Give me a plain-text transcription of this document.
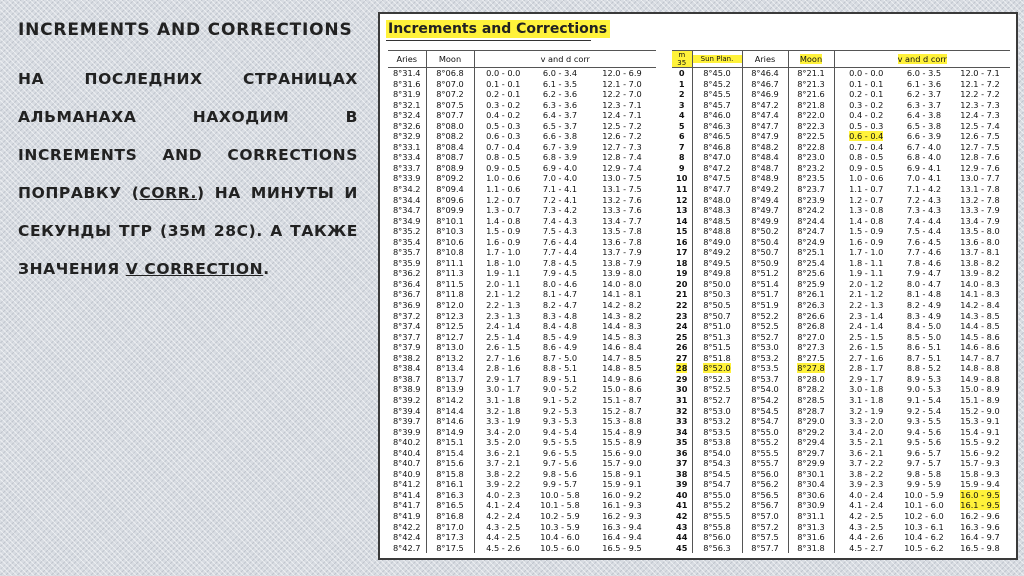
INCREMENTS AND CORRECTIONS

НА ПОСЛЕДНИХ СТРАНИЦАХ АЛЬМАНАХА НАХОДИМ В INCREMENTS AND CORRECTIONS ПОПРАВКУ (CORR.) НА МИНУТЫ И СЕКУНДЫ ТГР (35М 28С). А ТАКЖЕ ЗНАЧЕНИЯ V CORRECTION.

Increments and Corrections
Aries	Moon	v and d corr		
8°31.4	8°06.8	0.0 - 0.0	6.0 - 3.4	12.0 - 6.9
8°31.6	8°07.0	0.1 - 0.1	6.1 - 3.5	12.1 - 7.0
8°31.9	8°07.2	0.2 - 0.1	6.2 - 3.6	12.2 - 7.0
8°32.1	8°07.5	0.3 - 0.2	6.3 - 3.6	12.3 - 7.1
8°32.4	8°07.7	0.4 - 0.2	6.4 - 3.7	12.4 - 7.1
8°32.6	8°08.0	0.5 - 0.3	6.5 - 3.7	12.5 - 7.2
8°32.9	8°08.2	0.6 - 0.3	6.6 - 3.8	12.6 - 7.2
8°33.1	8°08.4	0.7 - 0.4	6.7 - 3.9	12.7 - 7.3
8°33.4	8°08.7	0.8 - 0.5	6.8 - 3.9	12.8 - 7.4
8°33.7	8°08.9	0.9 - 0.5	6.9 - 4.0	12.9 - 7.4
8°33.9	8°09.2	1.0 - 0.6	7.0 - 4.0	13.0 - 7.5
8°34.2	8°09.4	1.1 - 0.6	7.1 - 4.1	13.1 - 7.5
8°34.4	8°09.6	1.2 - 0.7	7.2 - 4.1	13.2 - 7.6
8°34.7	8°09.9	1.3 - 0.7	7.3 - 4.2	13.3 - 7.6
8°34.9	8°10.1	1.4 - 0.8	7.4 - 4.3	13.4 - 7.7
8°35.2	8°10.3	1.5 - 0.9	7.5 - 4.3	13.5 - 7.8
8°35.4	8°10.6	1.6 - 0.9	7.6 - 4.4	13.6 - 7.8
8°35.7	8°10.8	1.7 - 1.0	7.7 - 4.4	13.7 - 7.9
8°35.9	8°11.1	1.8 - 1.0	7.8 - 4.5	13.8 - 7.9
8°36.2	8°11.3	1.9 - 1.1	7.9 - 4.5	13.9 - 8.0
8°36.4	8°11.5	2.0 - 1.1	8.0 - 4.6	14.0 - 8.0
8°36.7	8°11.8	2.1 - 1.2	8.1 - 4.7	14.1 - 8.1
8°36.9	8°12.0	2.2 - 1.3	8.2 - 4.7	14.2 - 8.2
8°37.2	8°12.3	2.3 - 1.3	8.3 - 4.8	14.3 - 8.2
8°37.4	8°12.5	2.4 - 1.4	8.4 - 4.8	14.4 - 8.3
8°37.7	8°12.7	2.5 - 1.4	8.5 - 4.9	14.5 - 8.3
8°37.9	8°13.0	2.6 - 1.5	8.6 - 4.9	14.6 - 8.4
8°38.2	8°13.2	2.7 - 1.6	8.7 - 5.0	14.7 - 8.5
8°38.4	8°13.4	2.8 - 1.6	8.8 - 5.1	14.8 - 8.5
8°38.7	8°13.7	2.9 - 1.7	8.9 - 5.1	14.9 - 8.6
8°38.9	8°13.9	3.0 - 1.7	9.0 - 5.2	15.0 - 8.6
8°39.2	8°14.2	3.1 - 1.8	9.1 - 5.2	15.1 - 8.7
8°39.4	8°14.4	3.2 - 1.8	9.2 - 5.3	15.2 - 8.7
8°39.7	8°14.6	3.3 - 1.9	9.3 - 5.3	15.3 - 8.8
8°39.9	8°14.9	3.4 - 2.0	9.4 - 5.4	15.4 - 8.9
8°40.2	8°15.1	3.5 - 2.0	9.5 - 5.5	15.5 - 8.9
8°40.4	8°15.4	3.6 - 2.1	9.6 - 5.5	15.6 - 9.0
8°40.7	8°15.6	3.7 - 2.1	9.7 - 5.6	15.7 - 9.0
8°40.9	8°15.8	3.8 - 2.2	9.8 - 5.6	15.8 - 9.1
8°41.2	8°16.1	3.9 - 2.2	9.9 - 5.7	15.9 - 9.1
8°41.4	8°16.3	4.0 - 2.3	10.0 - 5.8	16.0 - 9.2
8°41.7	8°16.5	4.1 - 2.4	10.1 - 5.8	16.1 - 9.3
8°41.9	8°16.8	4.2 - 2.4	10.2 - 5.9	16.2 - 9.3
8°42.2	8°17.0	4.3 - 2.5	10.3 - 5.9	16.3 - 9.4
8°42.4	8°17.3	4.4 - 2.5	10.4 - 6.0	16.4 - 9.4
8°42.7	8°17.5	4.5 - 2.6	10.5 - 6.0	16.5 - 9.5
m
35	Sun Plan.	Aries	Moon	v and d corr		
0	8°45.0	8°46.4	8°21.1	0.0 - 0.0	6.0 - 3.5	12.0 - 7.1
1	8°45.2	8°46.7	8°21.3	0.1 - 0.1	6.1 - 3.6	12.1 - 7.2
2	8°45.5	8°46.9	8°21.6	0.2 - 0.1	6.2 - 3.7	12.2 - 7.2
3	8°45.7	8°47.2	8°21.8	0.3 - 0.2	6.3 - 3.7	12.3 - 7.3
4	8°46.0	8°47.4	8°22.0	0.4 - 0.2	6.4 - 3.8	12.4 - 7.3
5	8°46.3	8°47.7	8°22.3	0.5 - 0.3	6.5 - 3.8	12.5 - 7.4
6	8°46.5	8°47.9	8°22.5	0.6 - 0.4	6.6 - 3.9	12.6 - 7.5
7	8°46.8	8°48.2	8°22.8	0.7 - 0.4	6.7 - 4.0	12.7 - 7.5
8	8°47.0	8°48.4	8°23.0	0.8 - 0.5	6.8 - 4.0	12.8 - 7.6
9	8°47.2	8°48.7	8°23.2	0.9 - 0.5	6.9 - 4.1	12.9 - 7.6
10	8°47.5	8°48.9	8°23.5	1.0 - 0.6	7.0 - 4.1	13.0 - 7.7
11	8°47.7	8°49.2	8°23.7	1.1 - 0.7	7.1 - 4.2	13.1 - 7.8
12	8°48.0	8°49.4	8°23.9	1.2 - 0.7	7.2 - 4.3	13.2 - 7.8
13	8°48.3	8°49.7	8°24.2	1.3 - 0.8	7.3 - 4.3	13.3 - 7.9
14	8°48.5	8°49.9	8°24.4	1.4 - 0.8	7.4 - 4.4	13.4 - 7.9
15	8°48.8	8°50.2	8°24.7	1.5 - 0.9	7.5 - 4.4	13.5 - 8.0
16	8°49.0	8°50.4	8°24.9	1.6 - 0.9	7.6 - 4.5	13.6 - 8.0
17	8°49.2	8°50.7	8°25.1	1.7 - 1.0	7.7 - 4.6	13.7 - 8.1
18	8°49.5	8°50.9	8°25.4	1.8 - 1.1	7.8 - 4.6	13.8 - 8.2
19	8°49.8	8°51.2	8°25.6	1.9 - 1.1	7.9 - 4.7	13.9 - 8.2
20	8°50.0	8°51.4	8°25.9	2.0 - 1.2	8.0 - 4.7	14.0 - 8.3
21	8°50.3	8°51.7	8°26.1	2.1 - 1.2	8.1 - 4.8	14.1 - 8.3
22	8°50.5	8°51.9	8°26.3	2.2 - 1.3	8.2 - 4.9	14.2 - 8.4
23	8°50.7	8°52.2	8°26.6	2.3 - 1.4	8.3 - 4.9	14.3 - 8.5
24	8°51.0	8°52.5	8°26.8	2.4 - 1.4	8.4 - 5.0	14.4 - 8.5
25	8°51.3	8°52.7	8°27.0	2.5 - 1.5	8.5 - 5.0	14.5 - 8.6
26	8°51.5	8°53.0	8°27.3	2.6 - 1.5	8.6 - 5.1	14.6 - 8.6
27	8°51.8	8°53.2	8°27.5	2.7 - 1.6	8.7 - 5.1	14.7 - 8.7
28	8°52.0	8°53.5	8°27.8	2.8 - 1.7	8.8 - 5.2	14.8 - 8.8
29	8°52.3	8°53.7	8°28.0	2.9 - 1.7	8.9 - 5.3	14.9 - 8.8
30	8°52.5	8°54.0	8°28.2	3.0 - 1.8	9.0 - 5.3	15.0 - 8.9
31	8°52.7	8°54.2	8°28.5	3.1 - 1.8	9.1 - 5.4	15.1 - 8.9
32	8°53.0	8°54.5	8°28.7	3.2 - 1.9	9.2 - 5.4	15.2 - 9.0
33	8°53.2	8°54.7	8°29.0	3.3 - 2.0	9.3 - 5.5	15.3 - 9.1
34	8°53.5	8°55.0	8°29.2	3.4 - 2.0	9.4 - 5.6	15.4 - 9.1
35	8°53.8	8°55.2	8°29.4	3.5 - 2.1	9.5 - 5.6	15.5 - 9.2
36	8°54.0	8°55.5	8°29.7	3.6 - 2.1	9.6 - 5.7	15.6 - 9.2
37	8°54.3	8°55.7	8°29.9	3.7 - 2.2	9.7 - 5.7	15.7 - 9.3
38	8°54.5	8°56.0	8°30.1	3.8 - 2.2	9.8 - 5.8	15.8 - 9.3
39	8°54.7	8°56.2	8°30.4	3.9 - 2.3	9.9 - 5.9	15.9 - 9.4
40	8°55.0	8°56.5	8°30.6	4.0 - 2.4	10.0 - 5.9	16.0 - 9.5
41	8°55.2	8°56.7	8°30.9	4.1 - 2.4	10.1 - 6.0	16.1 - 9.5
42	8°55.5	8°57.0	8°31.1	4.2 - 2.5	10.2 - 6.0	16.2 - 9.6
43	8°55.8	8°57.2	8°31.3	4.3 - 2.5	10.3 - 6.1	16.3 - 9.6
44	8°56.0	8°57.5	8°31.6	4.4 - 2.6	10.4 - 6.2	16.4 - 9.7
45	8°56.3	8°57.7	8°31.8	4.5 - 2.7	10.5 - 6.2	16.5 - 9.8
